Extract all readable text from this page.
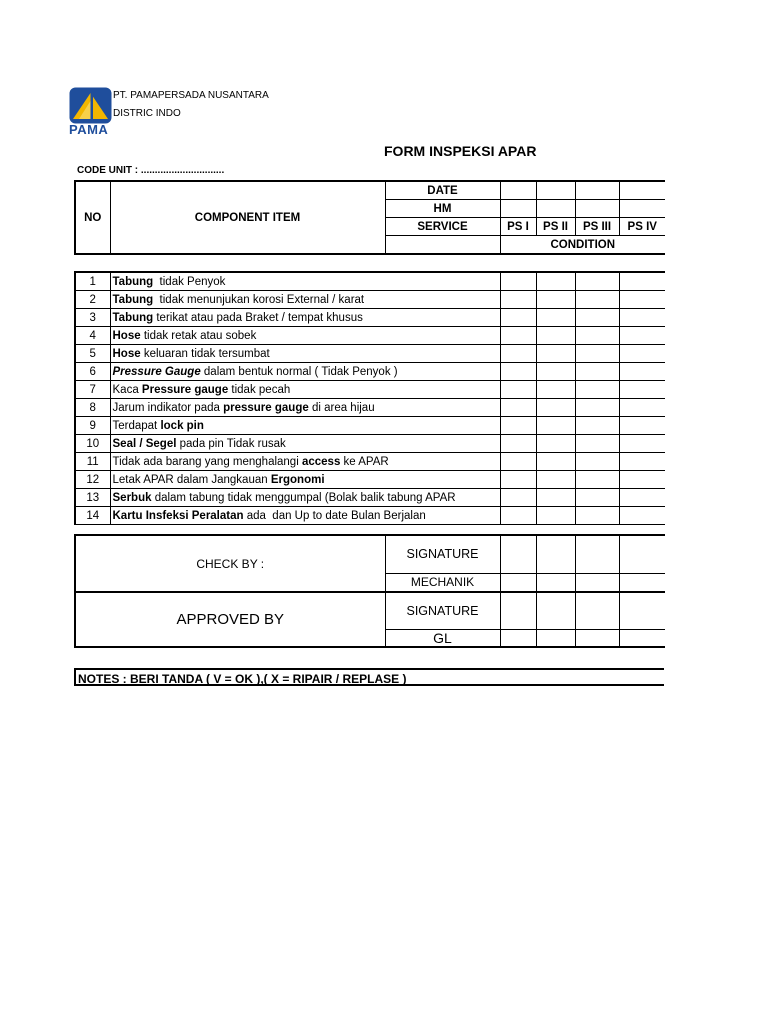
PAMA
PT. PAMAPERSADA NUSANTARA
DISTRIC INDO
FORM INSPEKSI APAR
CODE UNIT : ..............................
NO	COMPONENT ITEM	DATE				
		HM				
		SERVICE	PS I	PS II	PS III	PS IV
			CONDITION			
1	Tabung  tidak Penyok				
2	Tabung  tidak menunjukan korosi External / karat				
3	Tabung terikat atau pada Braket / tempat khusus				
4	Hose tidak retak atau sobek				
5	Hose keluaran tidak tersumbat				
6	Pressure Gauge dalam bentuk normal ( Tidak Penyok )				
7	Kaca Pressure gauge tidak pecah				
8	Jarum indikator pada pressure gauge di area hijau				
9	Terdapat lock pin				
10	Seal / Segel pada pin Tidak rusak				
11	Tidak ada barang yang menghalangi access ke APAR				
12	Letak APAR dalam Jangkauan Ergonomi				
13	Serbuk dalam tabung tidak menggumpal (Bolak balik tabung APAR				
14	Kartu Insfeksi Peralatan ada  dan Up to date Bulan Berjalan				
CHECK BY :	SIGNATURE				
	MECHANIK				
APPROVED BY	SIGNATURE				
	GL				
NOTES : BERI TANDA ( V = OK ),( X = RIPAIR / REPLASE )
